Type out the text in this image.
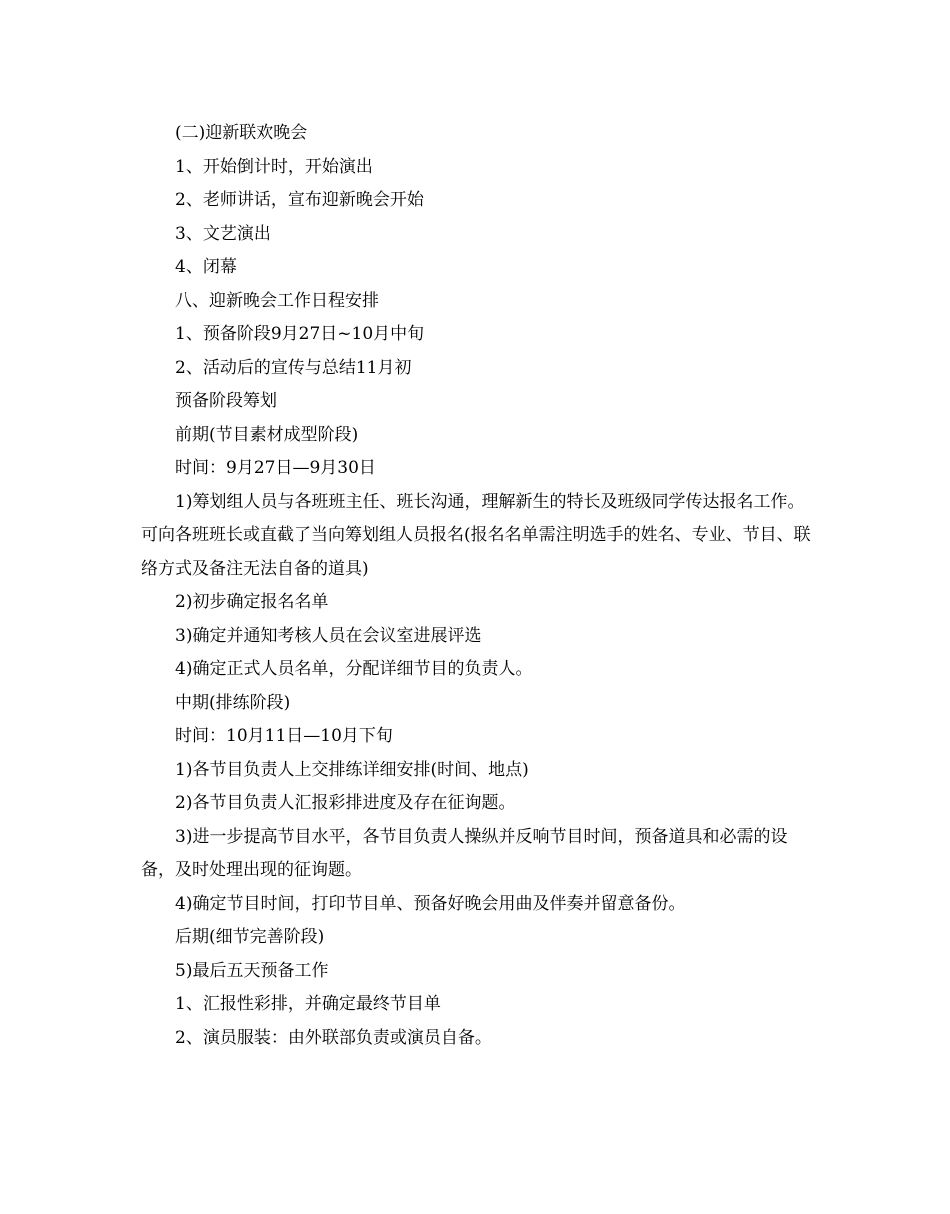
(二)迎新联欢晚会

1、开始倒计时，开始演出

2、老师讲话，宣布迎新晚会开始

3、文艺演出

4、闭幕

八、迎新晚会工作日程安排

1、预备阶段9月27日~10月中旬

2、活动后的宣传与总结11月初

预备阶段筹划

前期(节目素材成型阶段)

时间：9月27日—9月30日

1)筹划组人员与各班班主任、班长沟通，理解新生的特长及班级同学传达报名工作。可向各班班长或直截了当向筹划组人员报名(报名名单需注明选手的姓名、专业、节目、联络方式及备注无法自备的道具)

2)初步确定报名名单

3)确定并通知考核人员在会议室进展评选

4)确定正式人员名单，分配详细节目的负责人。

中期(排练阶段)

时间：10月11日—10月下旬

1)各节目负责人上交排练详细安排(时间、地点)

2)各节目负责人汇报彩排进度及存在征询题。

3)进一步提高节目水平，各节目负责人操纵并反响节目时间，预备道具和必需的设备，及时处理出现的征询题。

4)确定节目时间，打印节目单、预备好晚会用曲及伴奏并留意备份。

后期(细节完善阶段)

5)最后五天预备工作

1、汇报性彩排，并确定最终节目单

2、演员服装：由外联部负责或演员自备。
